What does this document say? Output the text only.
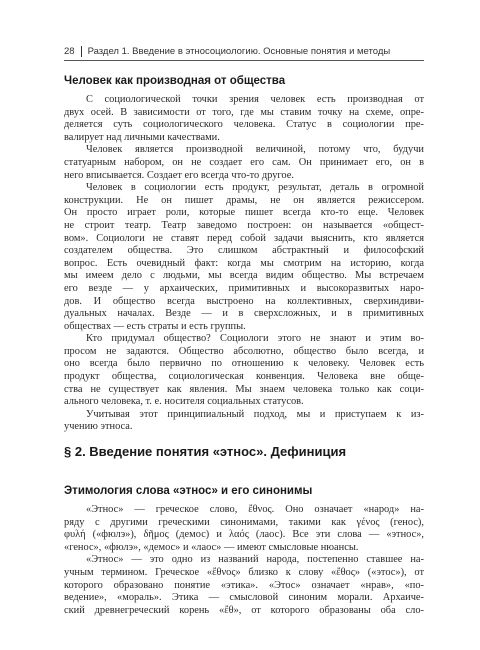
28 Раздел 1. Введение в этносоциологию. Основные понятия и методы
Человек как производная от общества

С социологической точки зрения человек есть производная от
двух осей. В зависимости от того, где мы ставим точку на схеме, опре-
деляется суть социологического человека. Статус в социологии пре-
валирует над личными качествами.

Человек является производной величиной, потому что, будучи
статуарным набором, он не создает его сам. Он принимает его, он в
него вписывается. Создает его всегда что-то другое.

Человек в социологии есть продукт, результат, деталь в огромной
конструкции. Не он пишет драмы, не он является режиссером.
Он просто играет роли, которые пишет всегда кто-то еще. Человек
не строит театр. Театр заведомо построен: он называется «общест-
вом». Социологи не ставят перед собой задачи выяснить, кто является
создателем общества. Это слишком абстрактный и философский
вопрос. Есть очевидный факт: когда мы смотрим на историю, когда
мы имеем дело с людьми, мы всегда видим общество. Мы встречаем
его везде — у архаических, примитивных и высокоразвитых наро-
дов. И общество всегда выстроено на коллективных, сверхиндиви-
дуальных началах. Везде — и в сверхсложных, и в примитивных
обществах — есть страты и есть группы.

Кто придумал общество? Социологи этого не знают и этим во-
просом не задаются. Общество абсолютно, общество было всегда, и
оно всегда было первично по отношению к человеку. Человек есть
продукт общества, социологическая конвенция. Человека вне обще-
ства не существует как явления. Мы знаем человека только как соци-
ального человека, т. е. носителя социальных статусов.

Учитывая этот принципиальный подход, мы и приступаем к из-
учению этноса.

§ 2. Введение понятия «этнос». Дефиниция
Этимология слова «этнос» и его синонимы

«Этнос» — греческое слово, ἔθνος. Оно означает «народ» на-
ряду с другими греческими синонимами, такими как γένος (генос),
φυλή («фюлэ»), δῆμος (демос) и λαός (лаос). Все эти слова — «этнос»,
«генос», «фюлэ», «демос» и «лаос» — имеют смысловые нюансы.

«Этнос» — это одно из названий народа, постепенно ставшее на-
учным термином. Греческое «ἔθνος» близко к слову «ἔθος» («этос»), от
которого образовано понятие «этика». «Этос» означает «нрав», «по-
ведение», «мораль». Этика — смысловой синоним морали. Архаиче-
ский древнегреческий корень «ἔθ», от которого образованы оба сло-
